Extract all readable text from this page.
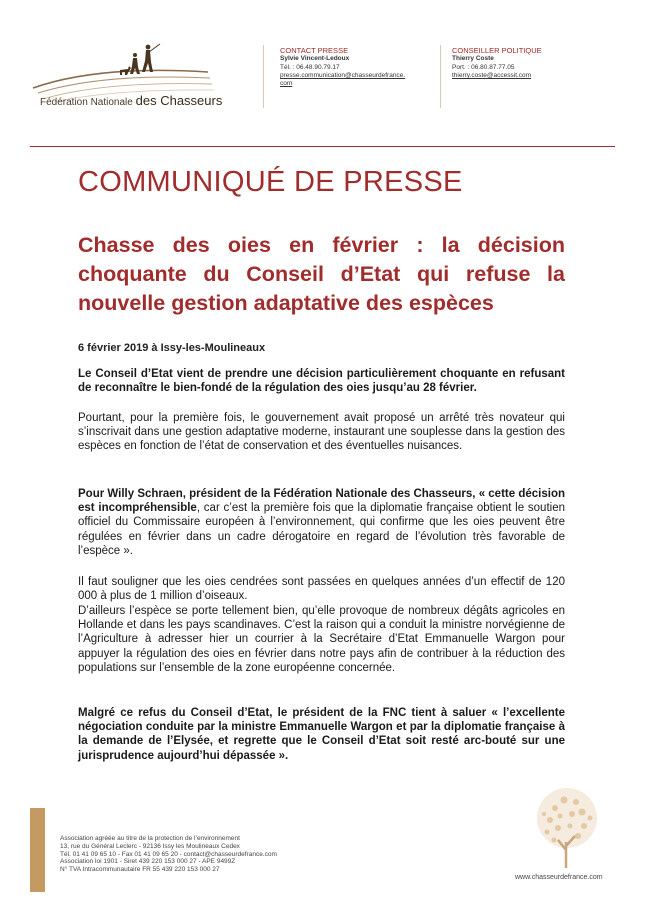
Fédération Nationale des Chasseurs
CONTACT PRESSE
Sylvie Vincent-Ledoux
Tél. : 06.48.90.79.17
presse.communication@chasseurdefrance.
com
CONSEILLER POLITIQUE
Thierry Coste
Port. : 06.80.87.77.05
thierry.coste@accessit.com
COMMUNIQUÉ DE PRESSE
Chasse des oies en février : la décision choquante du Conseil d’Etat qui refuse la nouvelle gestion adaptative des espèces
6 février 2019 à Issy-les-Moulineaux
Le Conseil d’Etat vient de prendre une décision particulièrement choquante en refusant de reconnaître le bien-fondé de la régulation des oies jusqu’au 28 février.
Pourtant, pour la première fois, le gouvernement avait proposé un arrêté très novateur qui s’inscrivait dans une gestion adaptative moderne, instaurant une souplesse dans la gestion des espèces en fonction de l’état de conservation et des éventuelles nuisances.
Pour Willy Schraen, président de la Fédération Nationale des Chasseurs, « cette décision est incompréhensible, car c’est la première fois que la diplomatie française obtient le soutien officiel du Commissaire européen à l’environnement, qui confirme que les oies peuvent être régulées en février dans un cadre dérogatoire en regard de l’évolution très favorable de l’espèce ».
Il faut souligner que les oies cendrées sont passées en quelques années d’un effectif de 120 000 à plus de 1 million d’oiseaux.
D’ailleurs l’espèce se porte tellement bien, qu’elle provoque de nombreux dégâts agricoles en Hollande et dans les pays scandinaves. C’est la raison qui a conduit la ministre norvégienne de l’Agriculture à adresser hier un courrier à la Secrétaire d’Etat Emmanuelle Wargon pour appuyer la régulation des oies en février dans notre pays afin de contribuer à la réduction des populations sur l’ensemble de la zone européenne concernée.
Malgré ce refus du Conseil d’Etat, le président de la FNC tient à saluer « l’excellente négociation conduite par la ministre Emmanuelle Wargon et par la diplomatie française à la demande de l’Elysée, et regrette que le Conseil d’Etat soit resté arc-bouté sur une jurisprudence aujourd’hui dépassée ».
Association agréée au titre de la protection de l’environnement
13, rue du Général Leclerc - 92136 Issy les Moulineaux Cedex
Tél. 01 41 09 65 10 - Fax 01 41 09 65 20 - contact@chasseurdefrance.com
Association loi 1901 - Siret 439 220 153 000 27 - APE 9499Z
N° TVA Intracommunautaire FR 55 439 220 153 000 27
www.chasseurdefrance.com
